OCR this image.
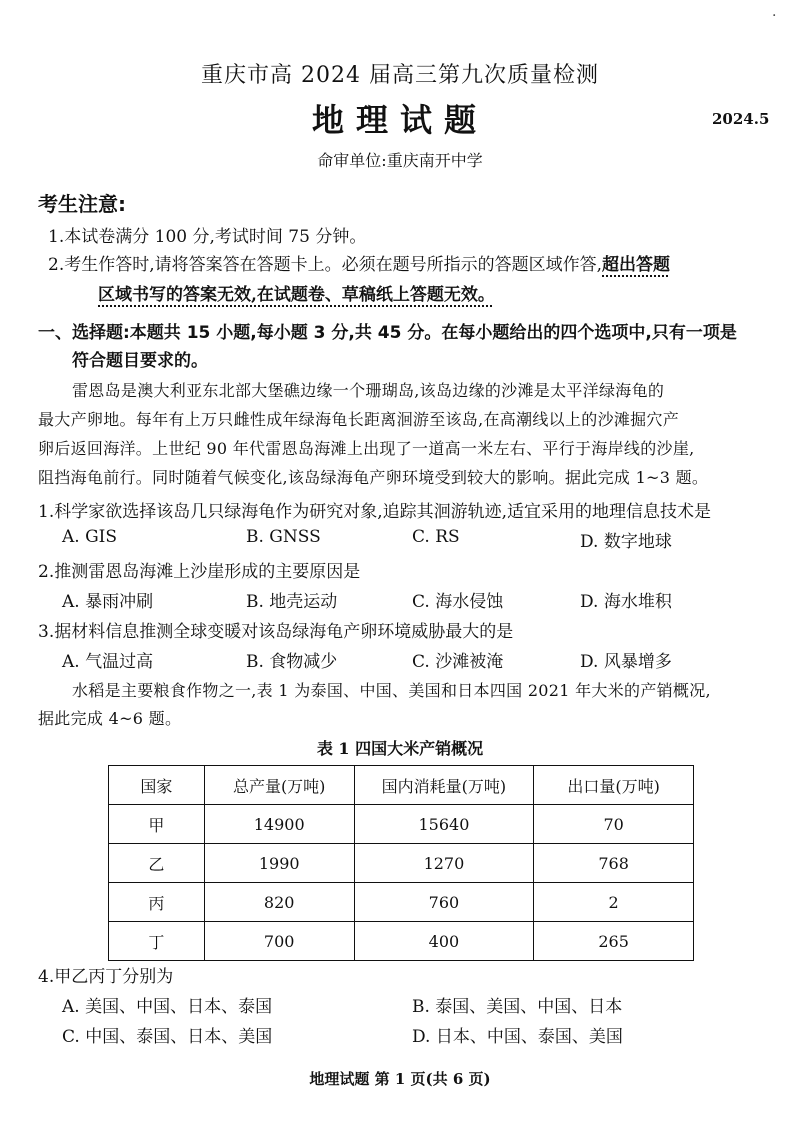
·
重庆市高 2024 届高三第九次质量检测
地理试题	2024.5
命审单位:重庆南开中学
考生注意:
1.本试卷满分 100 分,考试时间 75 分钟。
2.考生作答时,请将答案答在答题卡上。必须在题号所指示的答题区域作答,超出答题
区域书写的答案无效,在试题卷、草稿纸上答题无效。
一、选择题:本题共 15 小题,每小题 3 分,共 45 分。在每小题给出的四个选项中,只有一项是
符合题目要求的。
雷恩岛是澳大利亚东北部大堡礁边缘一个珊瑚岛,该岛边缘的沙滩是太平洋绿海龟的
最大产卵地。每年有上万只雌性成年绿海龟长距离洄游至该岛,在高潮线以上的沙滩掘穴产
卵后返回海洋。上世纪 90 年代雷恩岛海滩上出现了一道高一米左右、平行于海岸线的沙崖,
阻挡海龟前行。同时随着气候变化,该岛绿海龟产卵环境受到较大的影响。据此完成 1~3 题。
1.科学家欲选择该岛几只绿海龟作为研究对象,追踪其洄游轨迹,适宜采用的地理信息技术是
A. GIS	B. GNSS	C. RS	D. 数字地球
2.推测雷恩岛海滩上沙崖形成的主要原因是
A. 暴雨冲刷	B. 地壳运动	C. 海水侵蚀	D. 海水堆积
3.据材料信息推测全球变暖对该岛绿海龟产卵环境威胁最大的是
A. 气温过高	B. 食物减少	C. 沙滩被淹	D. 风暴增多
水稻是主要粮食作物之一,表 1 为泰国、中国、美国和日本四国 2021 年大米的产销概况,
据此完成 4~6 题。
表 1 四国大米产销概况
国家	总产量(万吨)	国内消耗量(万吨)	出口量(万吨)
甲	14900	15640	70
乙	1990	1270	768
丙	820	760	2
丁	700	400	265
4.甲乙丙丁分别为
A. 美国、中国、日本、泰国	B. 泰国、美国、中国、日本
C. 中国、泰国、日本、美国	D. 日本、中国、泰国、美国
地理试题 第 1 页(共 6 页)
